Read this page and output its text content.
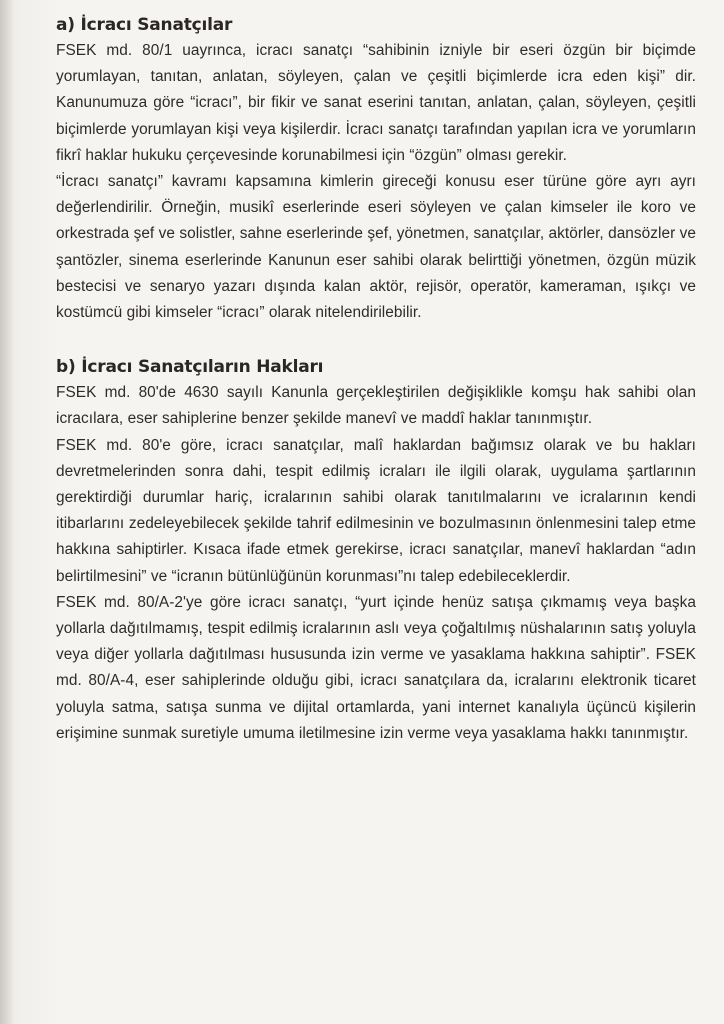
a) İcracı Sanatçılar

FSEK md. 80/1 uayrınca, icracı sanatçı “sahibinin izniyle bir eseri özgün bir biçimde yorumlayan, tanıtan, anlatan, söyleyen, çalan ve çeşitli biçimlerde icra eden kişi” dir. Kanunumuza göre “icracı”, bir fikir ve sanat eserini tanıtan, anlatan, çalan, söyleyen, çeşitli biçimlerde yorumlayan kişi veya kişilerdir. İcracı sanatçı tarafından yapılan icra ve yorumların fikrî haklar hukuku çerçevesinde korunabilmesi için “özgün” olması gerekir.

“İcracı sanatçı” kavramı kapsamına kimlerin gireceği konusu eser türüne göre ayrı ayrı değerlendirilir. Örneğin, musikî eserlerinde eseri söyleyen ve çalan kimseler ile koro ve orkestrada şef ve solistler, sahne eserlerinde şef, yönetmen, sanatçılar, aktörler, dansözler ve şantözler, sinema eserlerinde Kanunun eser sahibi olarak belirttiği yönetmen, özgün müzik bestecisi ve senaryo yazarı dışında kalan aktör, rejisör, operatör, kameraman, ışıkçı ve kostümcü gibi kimseler “icracı” olarak nitelendirilebilir.

b) İcracı Sanatçıların Hakları

FSEK md. 80'de 4630 sayılı Kanunla gerçekleştirilen değişiklikle komşu hak sahibi olan icracılara, eser sahiplerine benzer şekilde manevî ve maddî haklar tanınmıştır.

FSEK md. 80'e göre, icracı sanatçılar, malî haklardan bağımsız olarak ve bu hakları devretmelerinden sonra dahi, tespit edilmiş icraları ile ilgili olarak, uygulama şartlarının gerektirdiği durumlar hariç, icralarının sahibi olarak tanıtılmalarını ve icralarının kendi itibarlarını zedeleyebilecek şekilde tahrif edilmesinin ve bozulmasının önlenmesini talep etme hakkına sahiptirler. Kısaca ifade etmek gerekirse, icracı sanatçılar, manevî haklardan “adın belirtilmesini” ve “icranın bütünlüğünün korunması”nı talep edebileceklerdir.

FSEK md. 80/A-2'ye göre icracı sanatçı, “yurt içinde henüz satışa çıkmamış veya başka yollarla dağıtılmamış, tespit edilmiş icralarının aslı veya çoğaltılmış nüshalarının satış yoluyla veya diğer yollarla dağıtılması hususunda izin verme ve yasaklama hakkına sahiptir”. FSEK md. 80/A-4, eser sahiplerinde olduğu gibi, icracı sanatçılara da, icralarını elektronik ticaret yoluyla satma, satışa sunma ve dijital ortamlarda, yani internet kanalıyla üçüncü kişilerin erişimine sunmak suretiyle umuma iletilmesine izin verme veya yasaklama hakkı tanınmıştır.
